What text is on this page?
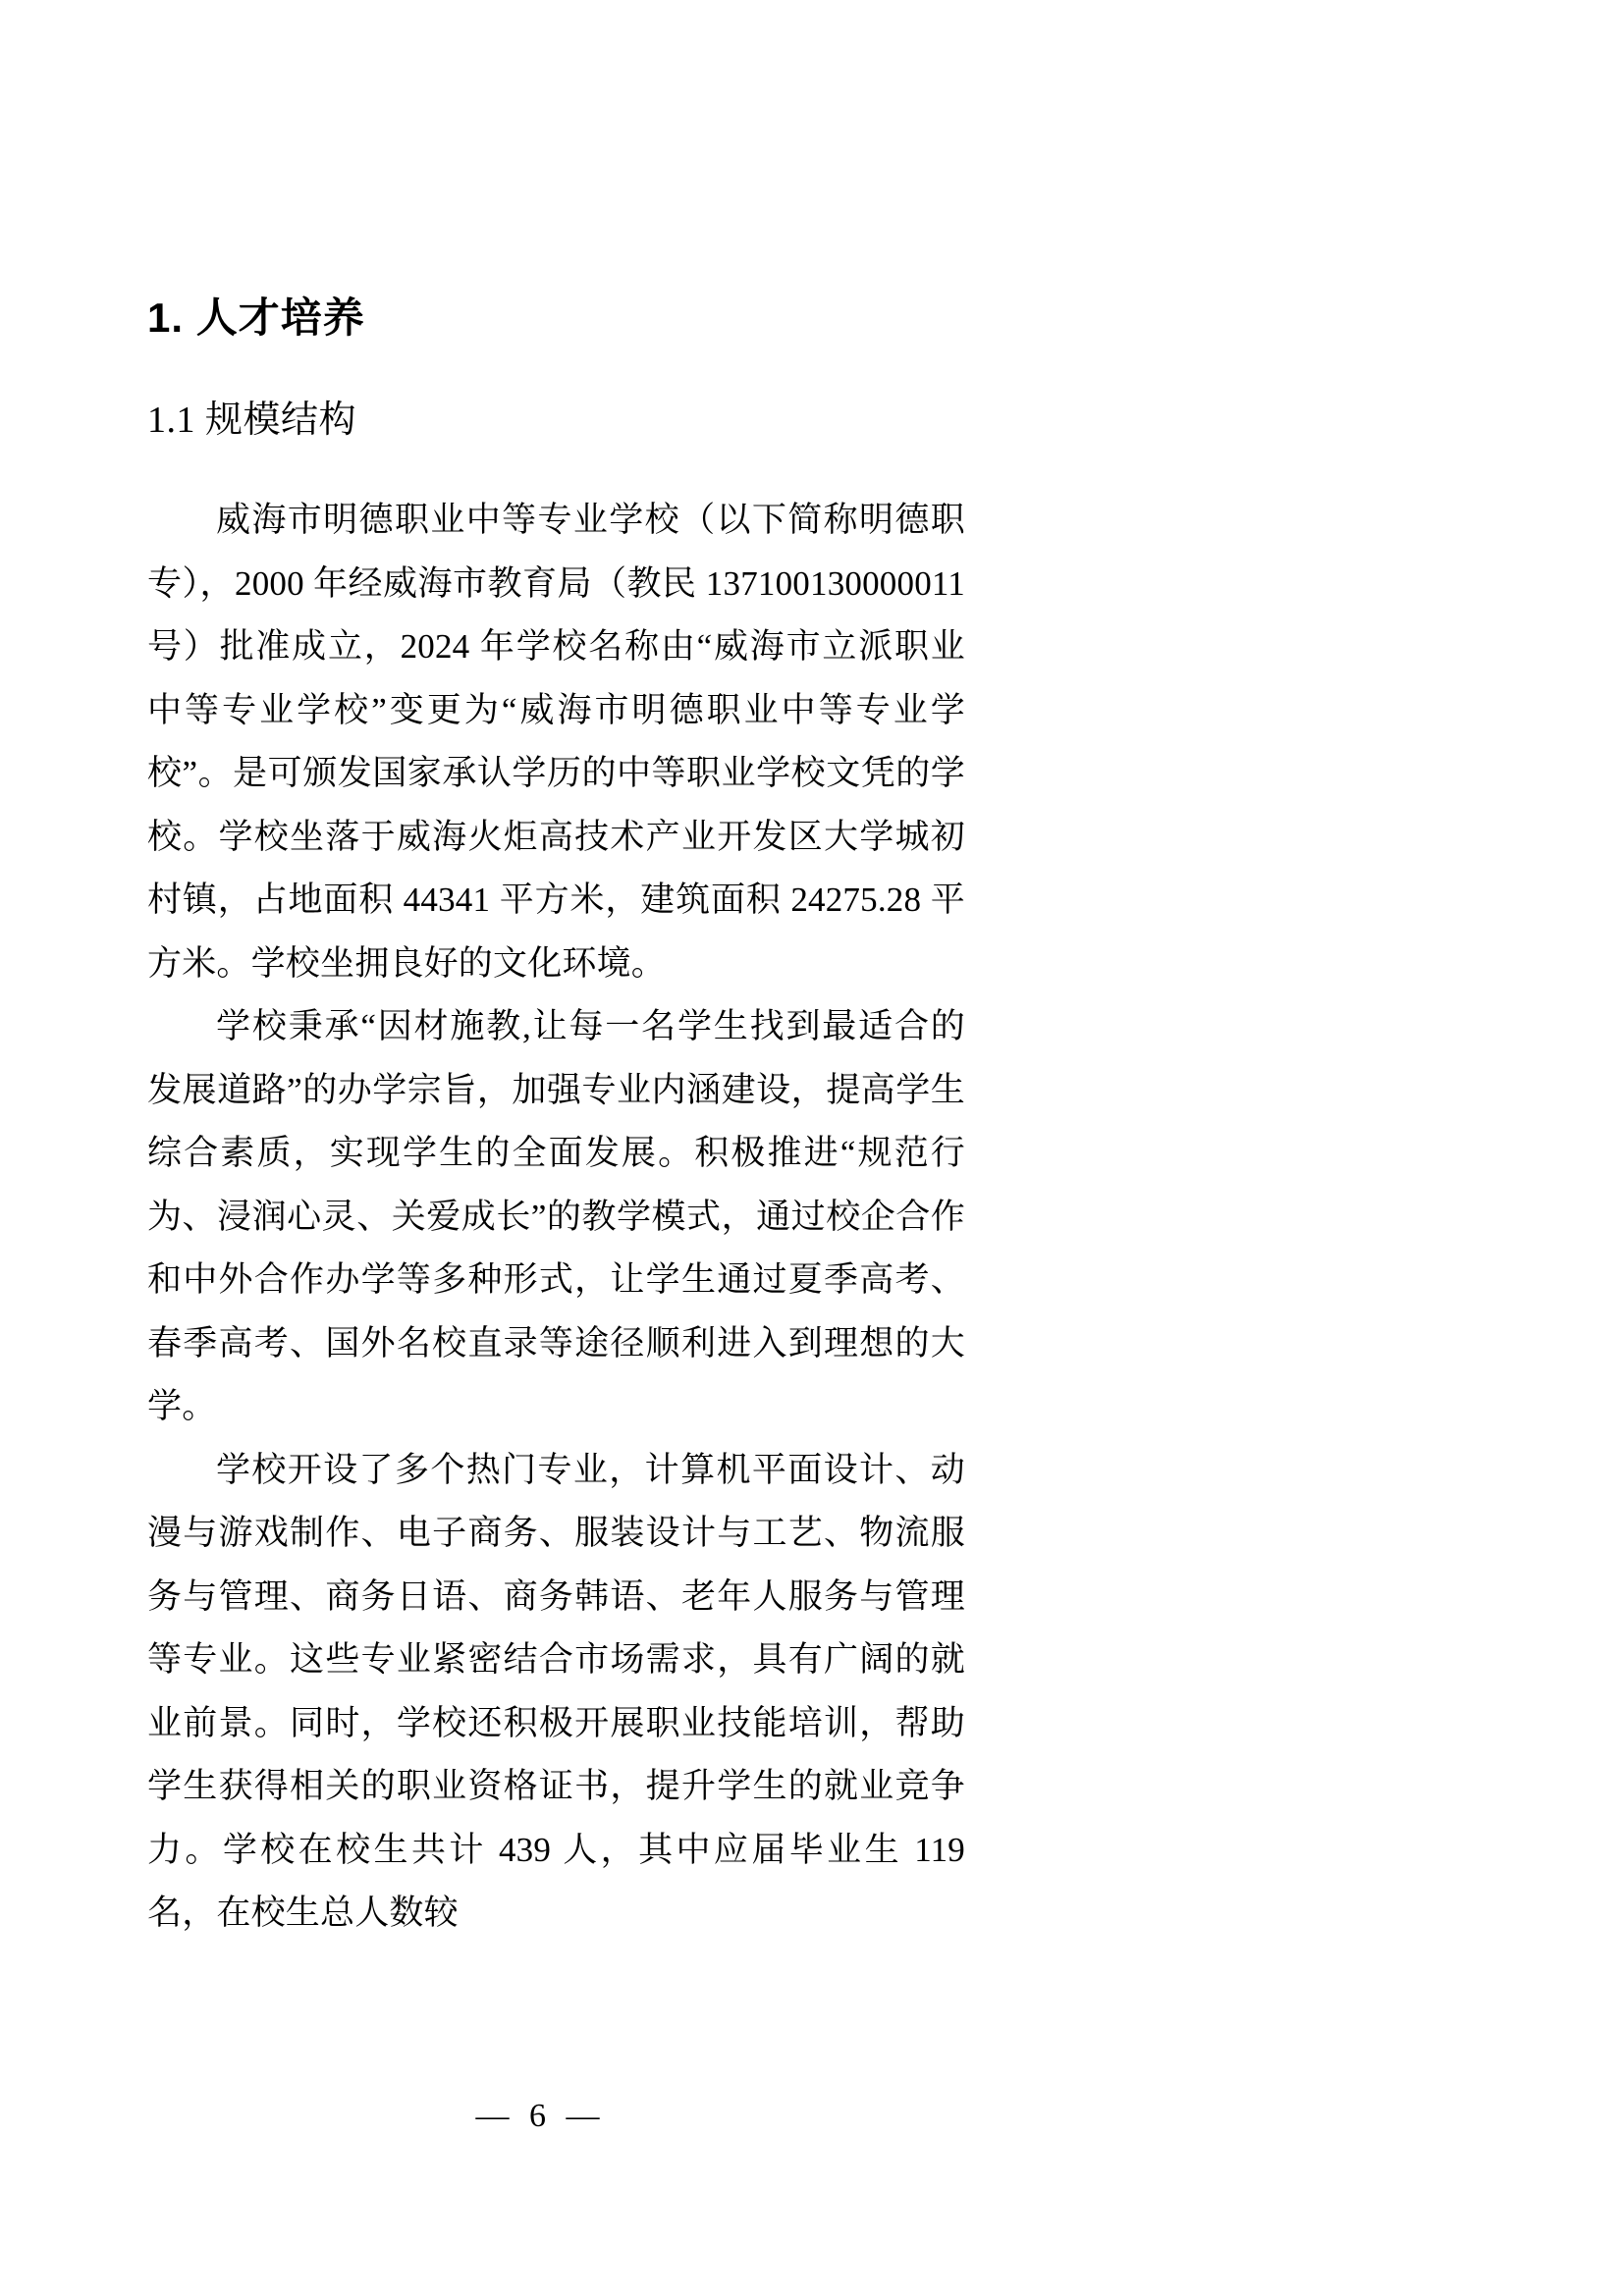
1. 人才培养
1.1 规模结构

威海市明德职业中等专业学校（以下简称明德职专），2000 年经威海市教育局（教民 137100130000011 号）批准成立，2024 年学校名称由“威海市立派职业中等专业学校”变更为“威海市明德职业中等专业学校”。是可颁发国家承认学历的中等职业学校文凭的学校。学校坐落于威海火炬高技术产业开发区大学城初村镇，占地面积 44341 平方米，建筑面积 24275.28 平方米。学校坐拥良好的文化环境。

学校秉承“因材施教,让每一名学生找到最适合的发展道路”的办学宗旨，加强专业内涵建设，提高学生综合素质，实现学生的全面发展。积极推进“规范行为、浸润心灵、关爱成长”的教学模式，通过校企合作和中外合作办学等多种形式，让学生通过夏季高考、春季高考、国外名校直录等途径顺利进入到理想的大学。

学校开设了多个热门专业，计算机平面设计、动漫与游戏制作、电子商务、服装设计与工艺、物流服务与管理、商务日语、商务韩语、老年人服务与管理等专业。这些专业紧密结合市场需求，具有广阔的就业前景。同时，学校还积极开展职业技能培训，帮助学生获得相关的职业资格证书，提升学生的就业竞争力。学校在校生共计 439 人，其中应届毕业生 119 名，在校生总人数较

— 6 —
